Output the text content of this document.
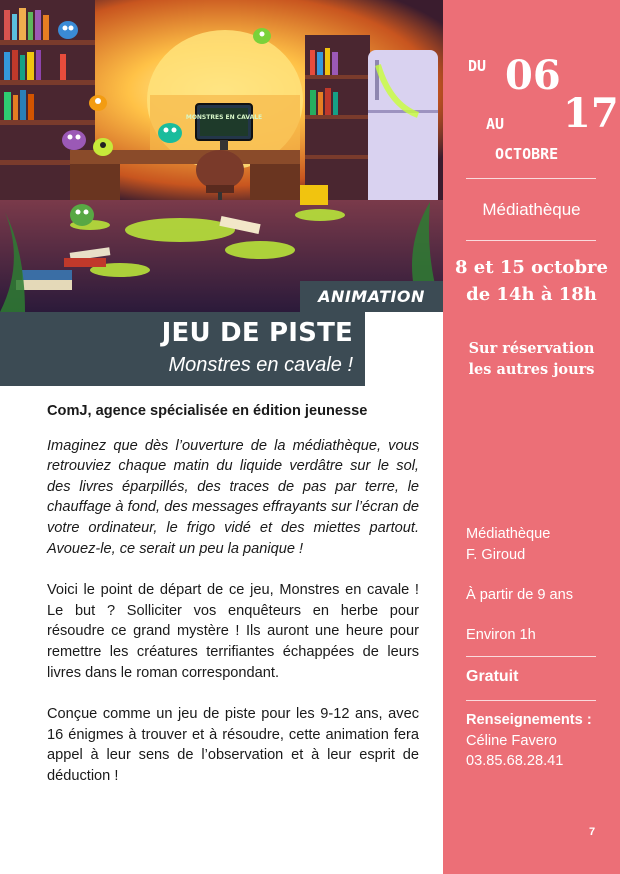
MONSTRES EN CAVALE
ANIMATION
JEU DE PISTE
Monstres en cavale !

ComJ, agence spécialisée en édition jeunesse

Imaginez que dès l’ouverture de la médiathèque, vous retrouviez chaque matin du liquide verdâtre sur le sol, des livres éparpillés, des traces de pas par terre, le chauffage à fond, des messages effrayants sur l’écran de votre ordinateur, le frigo vidé et des miettes partout. Avouez-le, ce serait un peu la panique !

Voici le point de départ de ce jeu, Monstres en cavale ! Le but ? Solliciter vos enquêteurs en herbe pour résoudre ce grand mystère ! Ils auront une heure pour remettre les créatures terrifiantes échappées de leurs livres dans le roman correspondant.

Conçue comme un jeu de piste pour les 9-12 ans, avec 16 énigmes à trouver et à résoudre, cette animation fera appel à leur sens de l’observation et à leur esprit de déduction !

DU 06
AU 17
OCTOBRE
Médiathèque
8 et 15 octobre
de 14h à 18h
Sur réservation
les autres jours
Médiathèque
F. Giroud
À partir de 9 ans
Environ 1h
Gratuit
Renseignements :
Céline Favero
03.85.68.28.41
7
